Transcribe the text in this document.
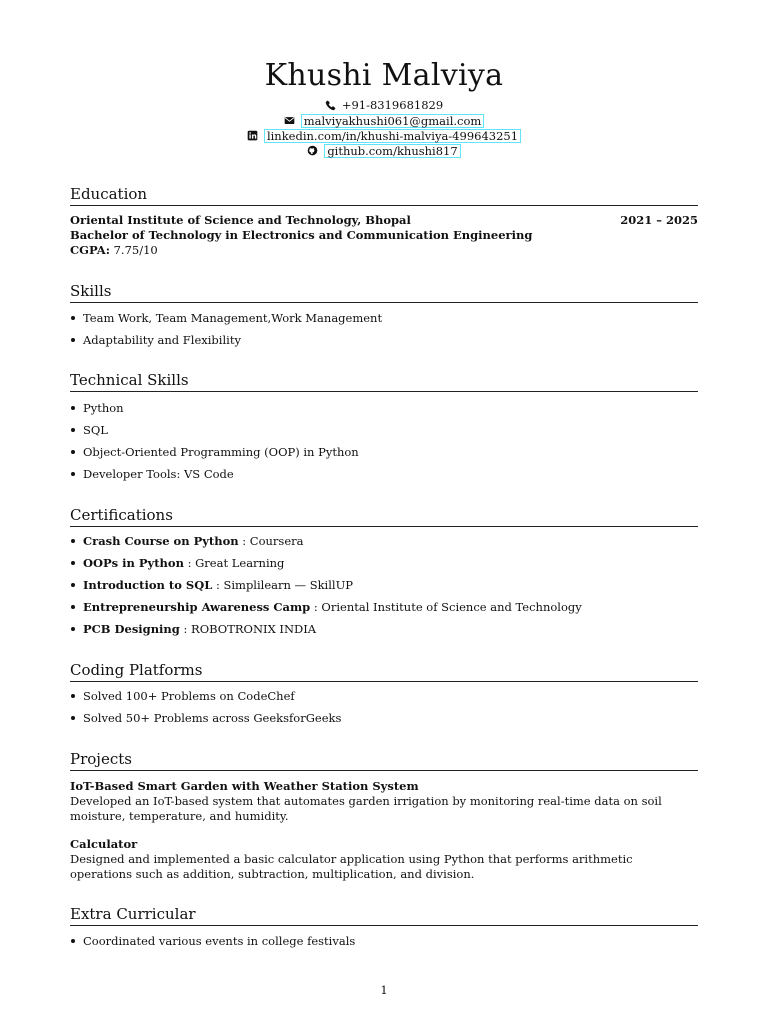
Khushi Malviya
+91-8319681829
malviyakhushi061@gmail.com
linkedin.com/in/khushi-malviya-499643251
github.com/khushi817
Education
Oriental Institute of Science and Technology, Bhopal	2021 – 2025
Bachelor of Technology in Electronics and Communication Engineering
CGPA: 7.75/10
Skills
Team Work, Team Management,Work Management
Adaptability and Flexibility
Technical Skills
Python
SQL
Object-Oriented Programming (OOP) in Python
Developer Tools: VS Code
Certifications
Crash Course on Python : Coursera
OOPs in Python : Great Learning
Introduction to SQL : Simplilearn — SkillUP
Entrepreneurship Awareness Camp : Oriental Institute of Science and Technology
PCB Designing : ROBOTRONIX INDIA
Coding Platforms
Solved 100+ Problems on CodeChef
Solved 50+ Problems across GeeksforGeeks
Projects
IoT-Based Smart Garden with Weather Station System
Developed an IoT-based system that automates garden irrigation by monitoring real-time data on soil moisture, temperature, and humidity.
Calculator
Designed and implemented a basic calculator application using Python that performs arithmetic operations such as addition, subtraction, multiplication, and division.
Extra Curricular
Coordinated various events in college festivals
1
